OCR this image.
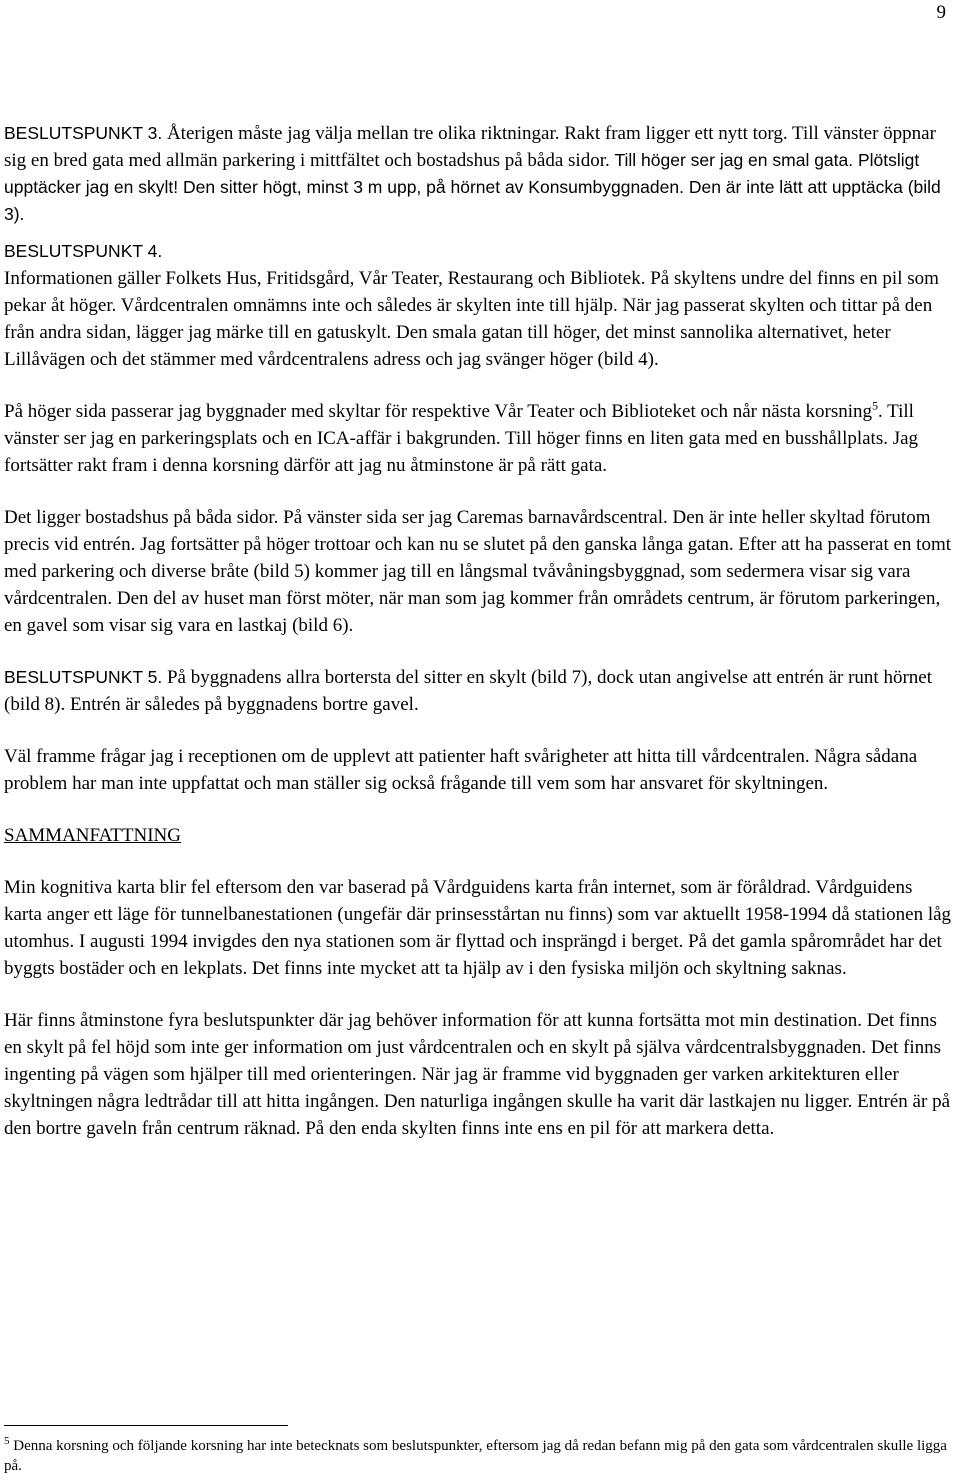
9

BESLUTSPUNKT 3. Återigen måste jag välja mellan tre olika riktningar. Rakt fram ligger ett nytt torg. Till vänster öppnar sig en bred gata med allmän parkering i mittfältet och bostadshus på båda sidor. Till höger ser jag en smal gata. Plötsligt upptäcker jag en skylt! Den sitter högt, minst 3 m upp, på hörnet av Konsumbyggnaden. Den är inte lätt att upptäcka (bild 3).

BESLUTSPUNKT 4.
Informationen gäller Folkets Hus, Fritidsgård, Vår Teater, Restaurang och Bibliotek. På skyltens undre del finns en pil som pekar åt höger. Vårdcentralen omnämns inte och således är skylten inte till hjälp. När jag passerat skylten och tittar på den från andra sidan, lägger jag märke till en gatuskylt. Den smala gatan till höger, det minst sannolika alternativet, heter Lillåvägen och det stämmer med vårdcentralens adress och jag svänger höger (bild 4).

På höger sida passerar jag byggnader med skyltar för respektive Vår Teater och Biblioteket och når nästa korsning$^5$. Till vänster ser jag en parkeringsplats och en ICA-affär i bakgrunden. Till höger finns en liten gata med en busshållplats. Jag fortsätter rakt fram i denna korsning därför att jag nu åtminstone är på rätt gata.

Det ligger bostadshus på båda sidor. På vänster sida ser jag Caremas barnavårdscentral. Den är inte heller skyltad förutom precis vid entrén. Jag fortsätter på höger trottoar och kan nu se slutet på den ganska långa gatan. Efter att ha passerat en tomt med parkering och diverse bråte (bild 5) kommer jag till en långsmal tvåvåningsbyggnad, som sedermera visar sig vara vårdcentralen. Den del av huset man först möter, när man som jag kommer från områdets centrum, är förutom parkeringen, en gavel som visar sig vara en lastkaj (bild 6).

BESLUTSPUNKT 5. På byggnadens allra bortersta del sitter en skylt (bild 7), dock utan angivelse att entrén är runt hörnet (bild 8). Entrén är således på byggnadens bortre gavel.

Väl framme frågar jag i receptionen om de upplevt att patienter haft svårigheter att hitta till vårdcentralen. Några sådana problem har man inte uppfattat och man ställer sig också frågande till vem som har ansvaret för skyltningen.

SAMMANFATTNING

Min kognitiva karta blir fel eftersom den var baserad på Vårdguidens karta från internet, som är föråldrad. Vårdguidens karta anger ett läge för tunnelbanestationen (ungefär där prinsesstårtan nu finns) som var aktuellt 1958-1994 då stationen låg utomhus. I augusti 1994 invigdes den nya stationen som är flyttad och insprängd i berget. På det gamla spårområdet har det byggts bostäder och en lekplats. Det finns inte mycket att ta hjälp av i den fysiska miljön och skyltning saknas.

Här finns åtminstone fyra beslutspunkter där jag behöver information för att kunna fortsätta mot min destination. Det finns en skylt på fel höjd som inte ger information om just vårdcentralen och en skylt på själva vårdcentralsbyggnaden. Det finns ingenting på vägen som hjälper till med orienteringen. När jag är framme vid byggnaden ger varken arkitekturen eller skyltningen några ledtrådar till att hitta ingången. Den naturliga ingången skulle ha varit där lastkajen nu ligger. Entrén är på den bortre gaveln från centrum räknad. På den enda skylten finns inte ens en pil för att markera detta.

$^5$ Denna korsning och följande korsning har inte betecknats som beslutspunkter, eftersom jag då redan befann mig på den gata som vårdcentralen skulle ligga på.
